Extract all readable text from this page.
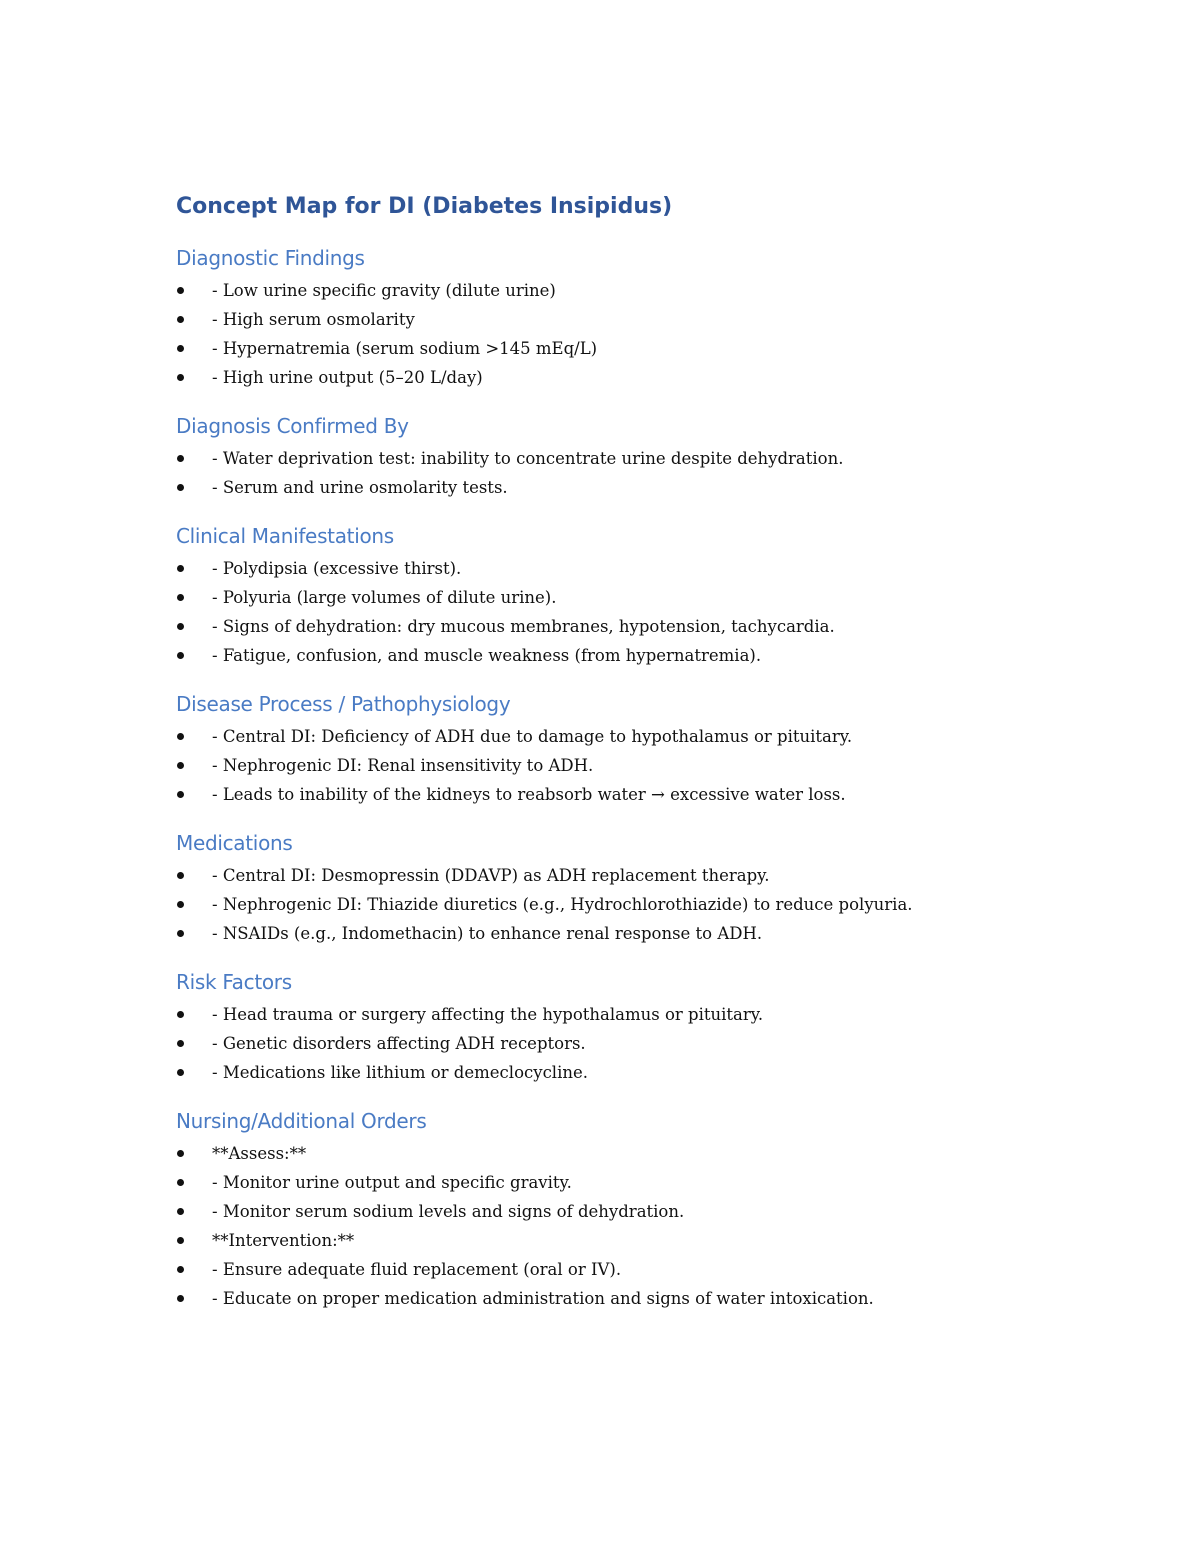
Concept Map for DI (Diabetes Insipidus)
Diagnostic Findings
- Low urine specific gravity (dilute urine)
- High serum osmolarity
- Hypernatremia (serum sodium >145 mEq/L)
- High urine output (5–20 L/day)
Diagnosis Confirmed By
- Water deprivation test: inability to concentrate urine despite dehydration.
- Serum and urine osmolarity tests.
Clinical Manifestations
- Polydipsia (excessive thirst).
- Polyuria (large volumes of dilute urine).
- Signs of dehydration: dry mucous membranes, hypotension, tachycardia.
- Fatigue, confusion, and muscle weakness (from hypernatremia).
Disease Process / Pathophysiology
- Central DI: Deficiency of ADH due to damage to hypothalamus or pituitary.
- Nephrogenic DI: Renal insensitivity to ADH.
- Leads to inability of the kidneys to reabsorb water → excessive water loss.
Medications
- Central DI: Desmopressin (DDAVP) as ADH replacement therapy.
- Nephrogenic DI: Thiazide diuretics (e.g., Hydrochlorothiazide) to reduce polyuria.
- NSAIDs (e.g., Indomethacin) to enhance renal response to ADH.
Risk Factors
- Head trauma or surgery affecting the hypothalamus or pituitary.
- Genetic disorders affecting ADH receptors.
- Medications like lithium or demeclocycline.
Nursing/Additional Orders
**Assess:**
- Monitor urine output and specific gravity.
- Monitor serum sodium levels and signs of dehydration.
**Intervention:**
- Ensure adequate fluid replacement (oral or IV).
- Educate on proper medication administration and signs of water intoxication.
